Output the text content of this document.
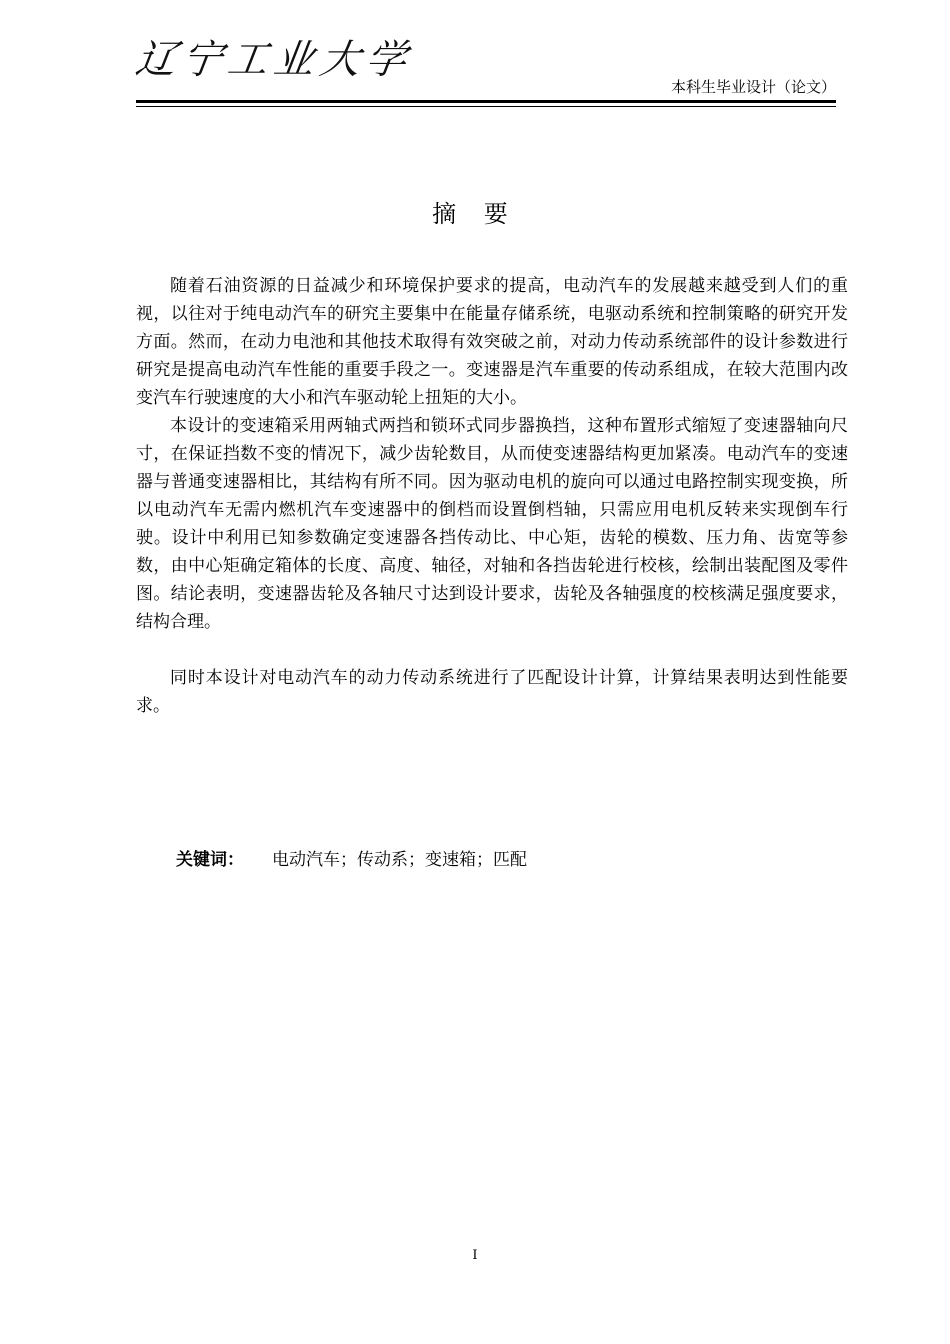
辽宁工业大学
本科生毕业设计（论文）
摘 要

随着石油资源的日益减少和环境保护要求的提高，电动汽车的发展越来越受到人们的重视，以往对于纯电动汽车的研究主要集中在能量存储系统，电驱动系统和控制策略的研究开发方面。然而，在动力电池和其他技术取得有效突破之前，对动力传动系统部件的设计参数进行研究是提高电动汽车性能的重要手段之一。变速器是汽车重要的传动系组成，在较大范围内改变汽车行驶速度的大小和汽车驱动轮上扭矩的大小。

本设计的变速箱采用两轴式两挡和锁环式同步器换挡，这种布置形式缩短了变速器轴向尺寸，在保证挡数不变的情况下，减少齿轮数目，从而使变速器结构更加紧凑。电动汽车的变速器与普通变速器相比，其结构有所不同。因为驱动电机的旋向可以通过电路控制实现变换，所以电动汽车无需内燃机汽车变速器中的倒档而设置倒档轴，只需应用电机反转来实现倒车行驶。设计中利用已知参数确定变速器各挡传动比、中心矩，齿轮的模数、压力角、齿宽等参数，由中心矩确定箱体的长度、高度、轴径，对轴和各挡齿轮进行校核，绘制出装配图及零件图。结论表明，变速器齿轮及各轴尺寸达到设计要求，齿轮及各轴强度的校核满足强度要求，结构合理。

同时本设计对电动汽车的动力传动系统进行了匹配设计计算，计算结果表明达到性能要求。

关键词： 电动汽车；传动系；变速箱；匹配
I
